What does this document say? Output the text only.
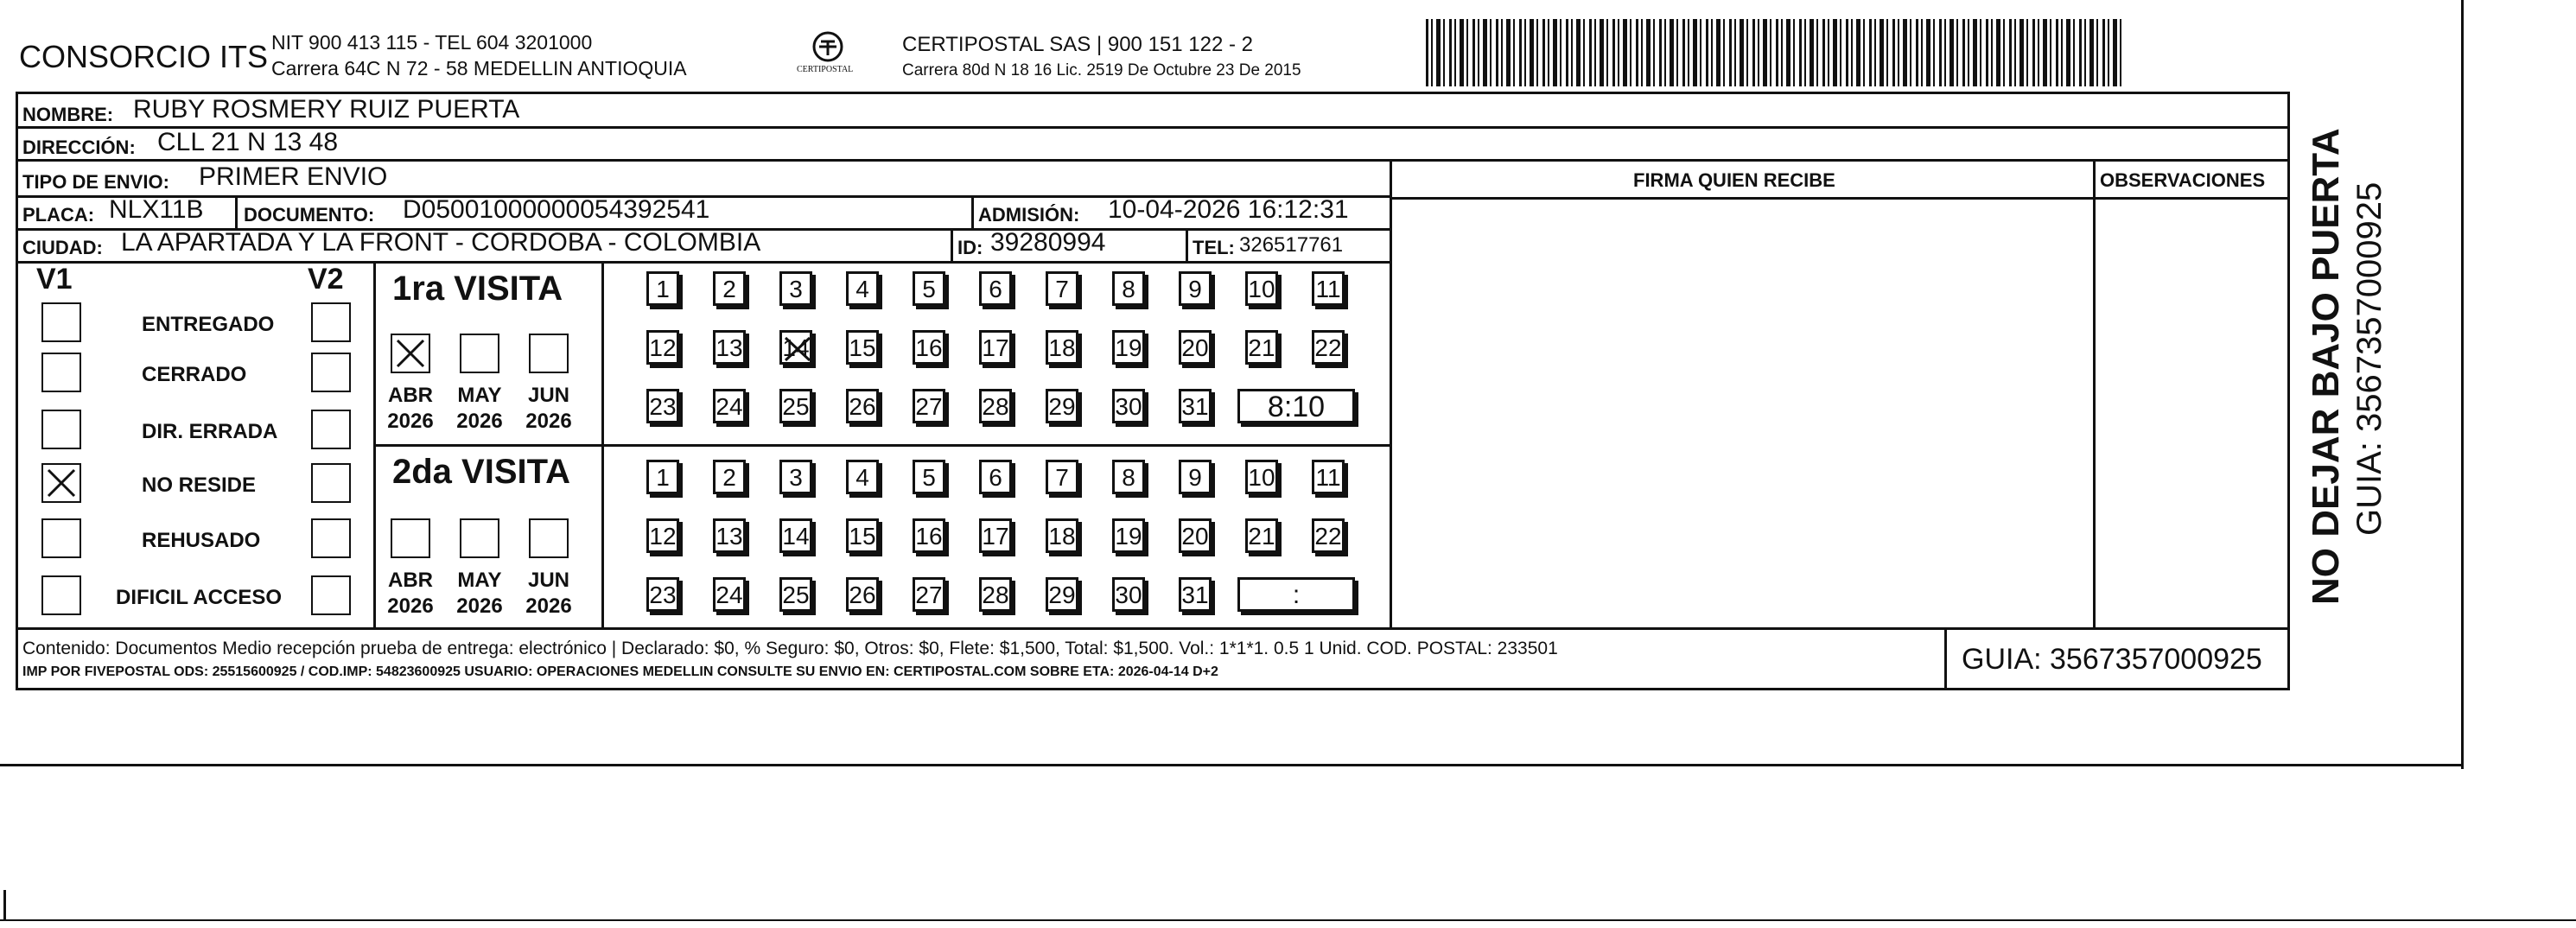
CONSORCIO ITS NIT 900 413 115 - TEL 604 3201000
Carrera 64C N 72 - 58 MEDELLIN ANTIOQUIA	CERTIPOSTAL
CERTIPOSTAL SAS | 900 151 122 - 2
Carrera 80d N 18 16 Lic. 2519 De Octubre 23 De 2015
NOMBRE: RUBY ROSMERY RUIZ PUERTA
DIRECCIÓN: CLL 21 N 13 48
TIPO DE ENVIO: PRIMER ENVIO
PLACA: NLX11B DOCUMENTO: D05001000000054392541	ADMISIÓN: 10-04-2026 16:12:31
CIUDAD: LA APARTADA Y LA FRONT - CORDOBA - COLOMBIA	ID: 39280994	TEL: 326517761
FIRMA QUIEN RECIBE	OBSERVACIONES
V1	V2
ENTREGADO
CERRADO
DIR. ERRADA
NO RESIDE
REHUSADO
DIFICIL ACCESO
1ra VISITA
2da VISITA
ABR
2026
MAY
2026
JUN
2026
1	2	3	4	5	6	7	8	9	10 11
12 13 14 15 16 17 18 19 20 21 22
23 24 25 26 27 28 29 30 31	8:10
ABR
2026
MAY
2026
JUN
2026
1	2	3	4	5	6	7	8	9	10 11
12 13 14 15 16 17 18 19 20 21 22
23 24 25 26 27 28 29 30 31	:
Contenido: Documentos Medio recepción prueba de entrega: electrónico | Declarado: $0, % Seguro: $0, Otros: $0, Flete: $1,500, Total: $1,500. Vol.: 1*1*1. 0.5 1 Unid. COD. POSTAL: 233501
IMP POR FIVEPOSTAL ODS: 25515600925 / COD.IMP: 54823600925 USUARIO: OPERACIONES MEDELLIN CONSULTE SU ENVIO EN: CERTIPOSTAL.COM SOBRE ETA: 2026-04-14 D+2	GUIA: 3567357000925
NO DEJAR BAJO PUERTA GUIA: 3567357000925
